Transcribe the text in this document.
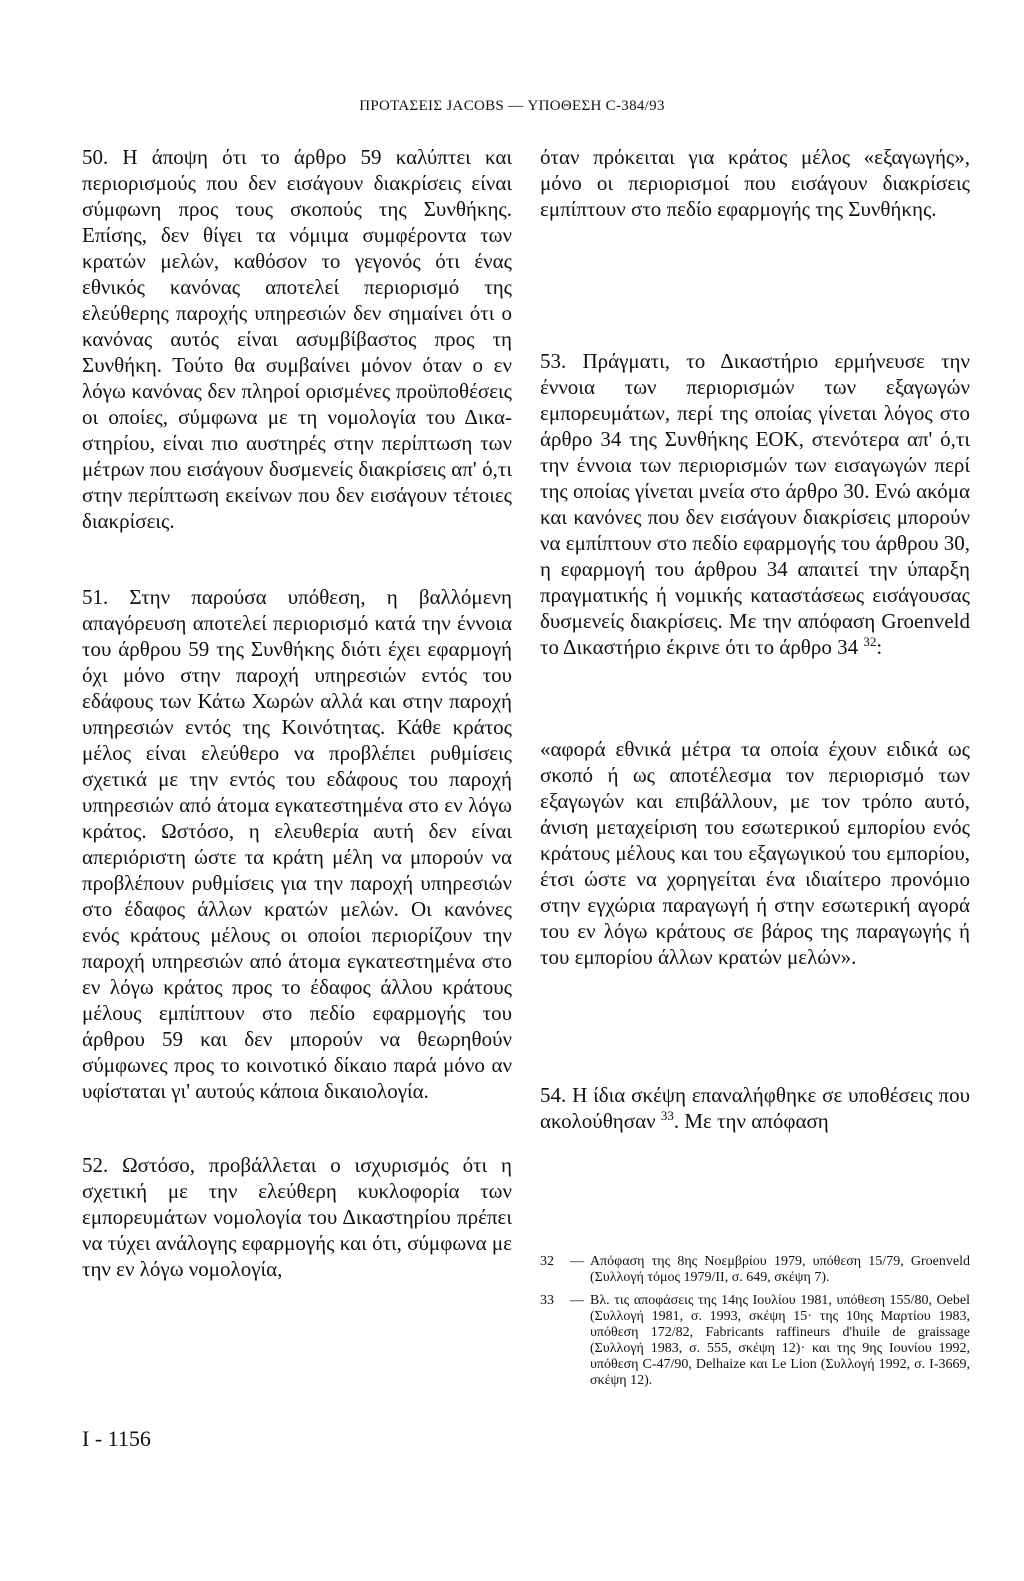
ΠΡΟΤΑΣΕΙΣ JACOBS — ΥΠΟΘΕΣΗ C-384/93

50. Η άποψη ότι το άρθρο 59 καλύπτει και περιορισμούς που δεν εισάγουν διακρίσεις είναι σύμφωνη προς τους σκοπούς της Συνθήκης. Επίσης, δεν θίγει τα νόμιμα συμφέροντα των κρατών μελών, καθόσον το γεγονός ότι ένας εθνικός κανόνας αποτελεί περιορισμό της ελεύθερης παροχής υπηρεσιών δεν σημαίνει ότι ο κανόνας αυτός είναι ασυμβίβαστος προς τη Συνθήκη. Τούτο θα συμβαίνει μόνον όταν ο εν λόγω κανόνας δεν πληροί ορισμένες προϋποθέσεις οι οποίες, σύμφωνα με τη νομολογία του Δικαστηρίου, είναι πιο αυστηρές στην περίπτωση των μέτρων που εισάγουν δυσμενείς διακρίσεις απ' ό,τι στην περίπτωση εκείνων που δεν εισάγουν τέτοιες διακρίσεις.

51. Στην παρούσα υπόθεση, η βαλλόμενη απαγόρευση αποτελεί περιορισμό κατά την έννοια του άρθρου 59 της Συνθήκης διότι έχει εφαρμογή όχι μόνο στην παροχή υπηρεσιών εντός του εδάφους των Κάτω Χωρών αλλά και στην παροχή υπηρεσιών εντός της Κοινότητας. Κάθε κράτος μέλος είναι ελεύθερο να προβλέπει ρυθμίσεις σχετικά με την εντός του εδάφους του παροχή υπηρεσιών από άτομα εγκατεστημένα στο εν λόγω κράτος. Ωστόσο, η ελευθερία αυτή δεν είναι απεριόριστη ώστε τα κράτη μέλη να μπορούν να προβλέπουν ρυθμίσεις για την παροχή υπηρεσιών στο έδαφος άλλων κρατών μελών. Οι κανόνες ενός κράτους μέλους οι οποίοι περιορίζουν την παροχή υπηρεσιών από άτομα εγκατεστημένα στο εν λόγω κράτος προς το έδαφος άλλου κράτους μέλους εμπίπτουν στο πεδίο εφαρμογής του άρθρου 59 και δεν μπορούν να θεωρηθούν σύμφωνες προς το κοινοτικό δίκαιο παρά μόνο αν υφίσταται γι' αυτούς κάποια δικαιολογία.

52. Ωστόσο, προβάλλεται ο ισχυρισμός ότι η σχετική με την ελεύθερη κυκλοφορία των εμπορευμάτων νομολογία του Δικαστηρίου πρέπει να τύχει ανάλογης εφαρμογής και ότι, σύμφωνα με την εν λόγω νομολογία,

όταν πρόκειται για κράτος μέλος «εξαγωγής», μόνο οι περιορισμοί που εισάγουν διακρίσεις εμπίπτουν στο πεδίο εφαρμογής της Συνθήκης.

53. Πράγματι, το Δικαστήριο ερμήνευσε την έννοια των περιορισμών των εξαγωγών εμπορευμάτων, περί της οποίας γίνεται λόγος στο άρθρο 34 της Συνθήκης ΕΟΚ, στενότερα απ' ό,τι την έννοια των περιορισμών των εισαγωγών περί της οποίας γίνεται μνεία στο άρθρο 30. Ενώ ακόμα και κανόνες που δεν εισάγουν διακρίσεις μπορούν να εμπίπτουν στο πεδίο εφαρμογής του άρθρου 30, η εφαρμογή του άρθρου 34 απαιτεί την ύπαρξη πραγματικής ή νομικής καταστάσεως εισάγουσας δυσμενείς διακρίσεις. Με την απόφαση Groenveld το Δικαστήριο έκρινε ότι το άρθρο 34 $^{32}$:

«αφορά εθνικά μέτρα τα οποία έχουν ειδικά ως σκοπό ή ως αποτέλεσμα τον περιορισμό των εξαγωγών και επιβάλλουν, με τον τρόπο αυτό, άνιση μεταχείριση του εσωτερικού εμπορίου ενός κράτους μέλους και του εξαγωγικού του εμπορίου, έτσι ώστε να χορηγείται ένα ιδιαίτερο προνόμιο στην εγχώρια παραγωγή ή στην εσωτερική αγορά του εν λόγω κράτους σε βάρος της παραγωγής ή του εμπορίου άλλων κρατών μελών».

54. Η ίδια σκέψη επαναλήφθηκε σε υποθέσεις που ακολούθησαν $^{33}$. Με την απόφαση

32	— Απόφαση της 8ης Νοεμβρίου 1979, υπόθεση 15/79, Groenveld (Συλλογή τόμος 1979/ΙΙ, σ. 649, σκέψη 7).
33	— Βλ. τις αποφάσεις της 14ης Ιουλίου 1981, υπόθεση 155/80, Oebel (Συλλογή 1981, σ. 1993, σκέψη 15· της 10ης Μαρτίου 1983, υπόθεση 172/82, Fabricants raffineurs d'huile de graissage (Συλλογή 1983, σ. 555, σκέψη 12)· και της 9ης Ιουνίου 1992, υπόθεση C-47/90, Delhaize και Le Lion (Συλλογή 1992, σ. Ι-3669, σκέψη 12).
I - 1156
